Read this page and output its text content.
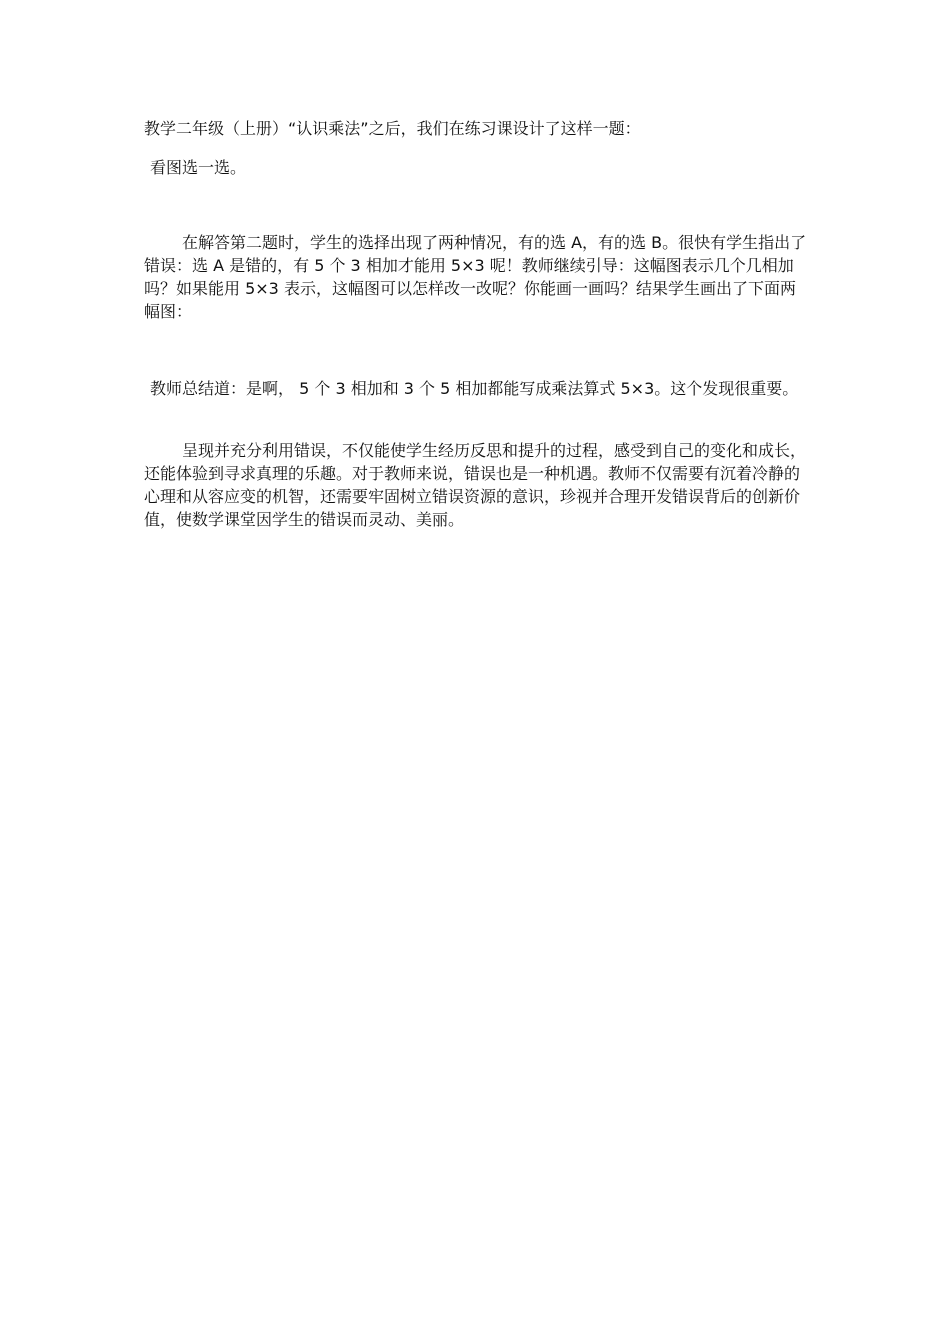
教学二年级（上册）“认识乘法”之后，我们在练习课设计了这样一题：

看图选一选。

在解答第二题时，学生的选择出现了两种情况，有的选 A，有的选 B。很快有学生指出了错误：选 A 是错的，有 5 个 3 相加才能用 5×3 呢！教师继续引导：这幅图表示几个几相加吗？如果能用 5×3 表示，这幅图可以怎样改一改呢？你能画一画吗？结果学生画出了下面两幅图：

教师总结道：是啊， 5 个 3 相加和 3 个 5 相加都能写成乘法算式 5×3。这个发现很重要。

呈现并充分利用错误，不仅能使学生经历反思和提升的过程，感受到自己的变化和成长，还能体验到寻求真理的乐趣。对于教师来说，错误也是一种机遇。教师不仅需要有沉着冷静的心理和从容应变的机智，还需要牢固树立错误资源的意识，珍视并合理开发错误背后的创新价值，使数学课堂因学生的错误而灵动、美丽。
